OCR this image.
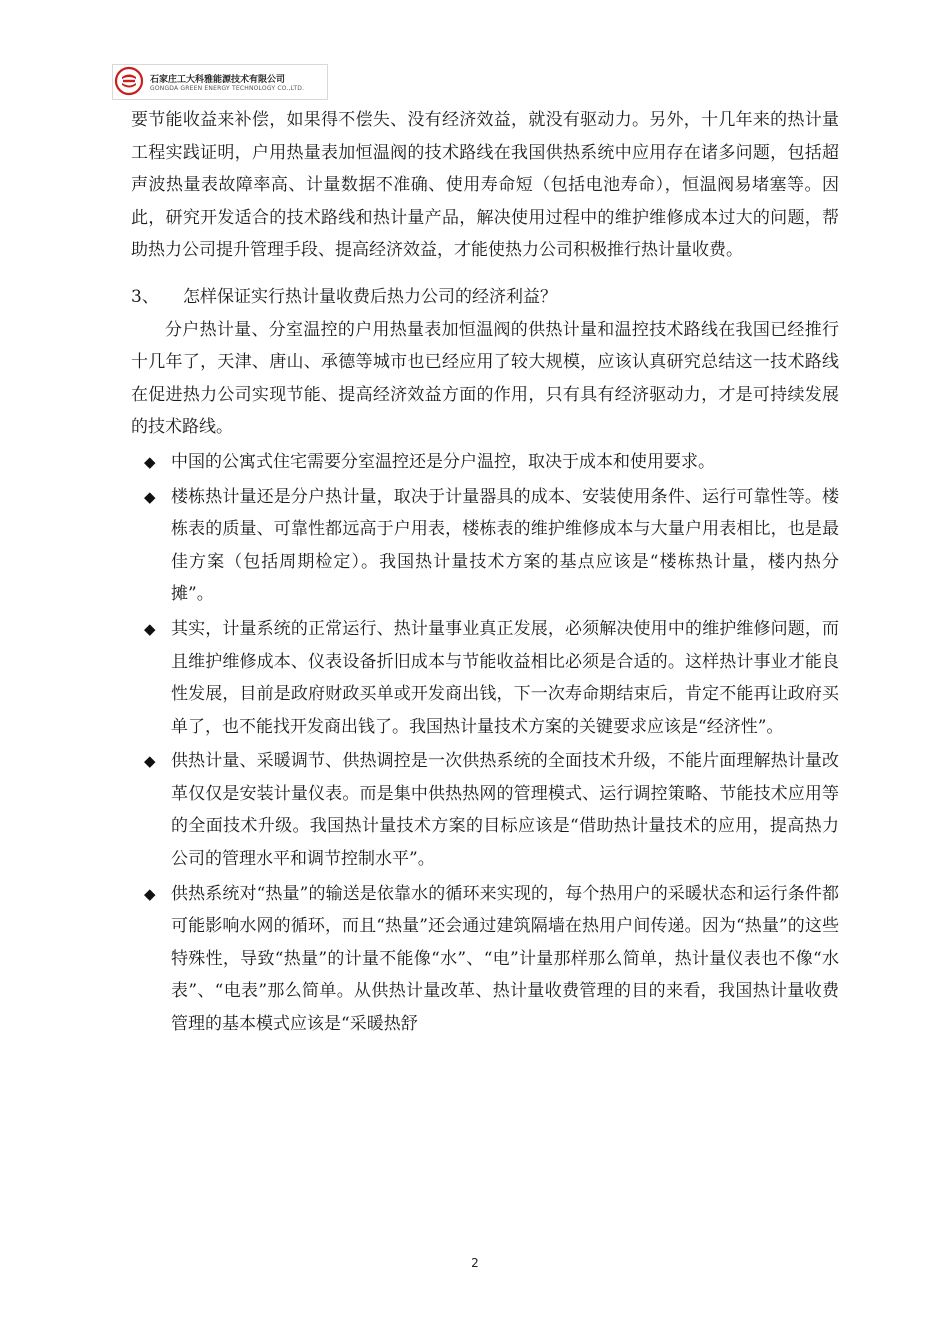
石家庄工大科雅能源技术有限公司
GONGDA GREEN ENERGY TECHNOLOGY CO.,LTD.

要节能收益来补偿，如果得不偿失、没有经济效益，就没有驱动力。另外，十几年来的热计量工程实践证明，户用热量表加恒温阀的技术路线在我国供热系统中应用存在诸多问题，包括超声波热量表故障率高、计量数据不准确、使用寿命短（包括电池寿命），恒温阀易堵塞等。因此，研究开发适合的技术路线和热计量产品，解决使用过程中的维护维修成本过大的问题，帮助热力公司提升管理手段、提高经济效益，才能使热力公司积极推行热计量收费。

3、 怎样保证实行热计量收费后热力公司的经济利益？

分户热计量、分室温控的户用热量表加恒温阀的供热计量和温控技术路线在我国已经推行十几年了，天津、唐山、承德等城市也已经应用了较大规模，应该认真研究总结这一技术路线在促进热力公司实现节能、提高经济效益方面的作用，只有具有经济驱动力，才是可持续发展的技术路线。

◆ 中国的公寓式住宅需要分室温控还是分户温控，取决于成本和使用要求。
◆ 楼栋热计量还是分户热计量，取决于计量器具的成本、安装使用条件、运行可靠性等。楼栋表的质量、可靠性都远高于户用表，楼栋表的维护维修成本与大量户用表相比，也是最佳方案（包括周期检定）。我国热计量技术方案的基点应该是“楼栋热计量，楼内热分摊”。
◆ 其实，计量系统的正常运行、热计量事业真正发展，必须解决使用中的维护维修问题，而且维护维修成本、仪表设备折旧成本与节能收益相比必须是合适的。这样热计事业才能良性发展，目前是政府财政买单或开发商出钱，下一次寿命期结束后，肯定不能再让政府买单了，也不能找开发商出钱了。我国热计量技术方案的关键要求应该是“经济性”。
◆ 供热计量、采暖调节、供热调控是一次供热系统的全面技术升级，不能片面理解热计量改革仅仅是安装计量仪表。而是集中供热热网的管理模式、运行调控策略、节能技术应用等的全面技术升级。我国热计量技术方案的目标应该是“借助热计量技术的应用，提高热力公司的管理水平和调节控制水平”。
◆ 供热系统对“热量”的输送是依靠水的循环来实现的，每个热用户的采暖状态和运行条件都可能影响水网的循环，而且“热量”还会通过建筑隔墙在热用户间传递。因为“热量”的这些特殊性，导致“热量”的计量不能像“水”、“电”计量那样那么简单，热计量仪表也不像“水表”、“电表”那么简单。从供热计量改革、热计量收费管理的目的来看，我国热计量收费管理的基本模式应该是“采暖热舒
2
